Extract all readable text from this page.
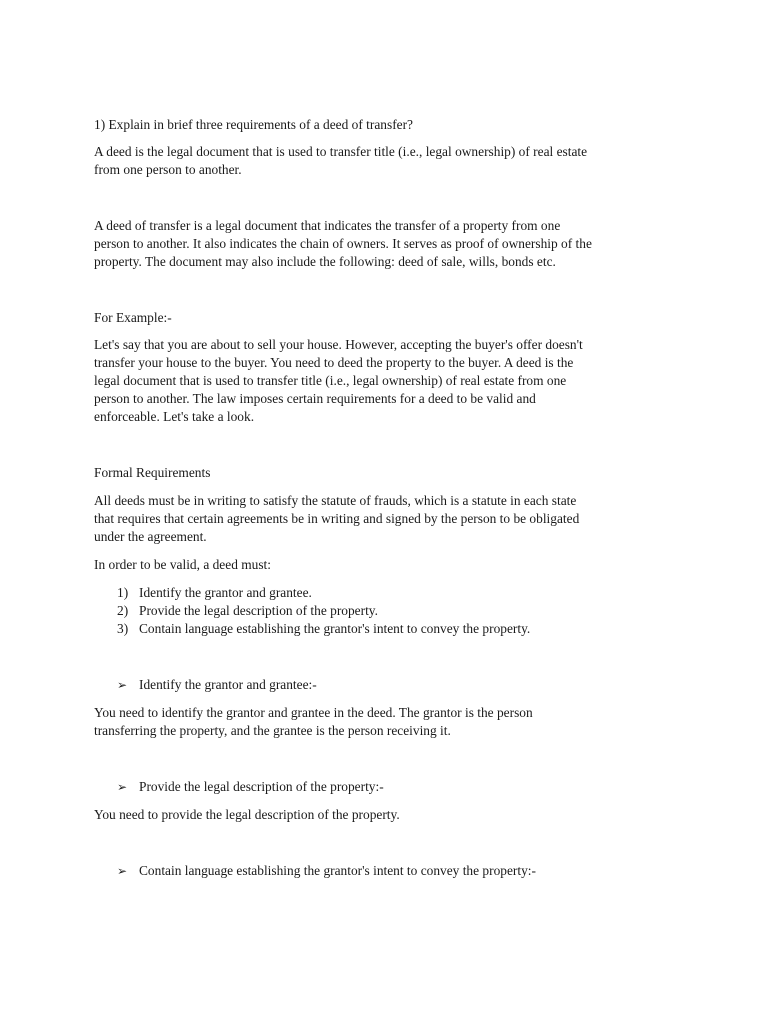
1) Explain in brief three requirements of a deed of transfer?
A deed is the legal document that is used to transfer title (i.e., legal ownership) of real estate
from one person to another.
A deed of transfer is a legal document that indicates the transfer of a property from one
person to another. It also indicates the chain of owners. It serves as proof of ownership of the
property. The document may also include the following: deed of sale, wills, bonds etc.
For Example:-
Let's say that you are about to sell your house. However, accepting the buyer's offer doesn't
transfer your house to the buyer. You need to deed the property to the buyer. A deed is the
legal document that is used to transfer title (i.e., legal ownership) of real estate from one
person to another. The law imposes certain requirements for a deed to be valid and
enforceable. Let's take a look.
Formal Requirements
All deeds must be in writing to satisfy the statute of frauds, which is a statute in each state
that requires that certain agreements be in writing and signed by the person to be obligated
under the agreement.
In order to be valid, a deed must:
1) Identify the grantor and grantee.
2) Provide the legal description of the property.
3) Contain language establishing the grantor's intent to convey the property.
➢ Identify the grantor and grantee:-
You need to identify the grantor and grantee in the deed. The grantor is the person
transferring the property, and the grantee is the person receiving it.
➢ Provide the legal description of the property:-
You need to provide the legal description of the property.
➢ Contain language establishing the grantor's intent to convey the property:-
